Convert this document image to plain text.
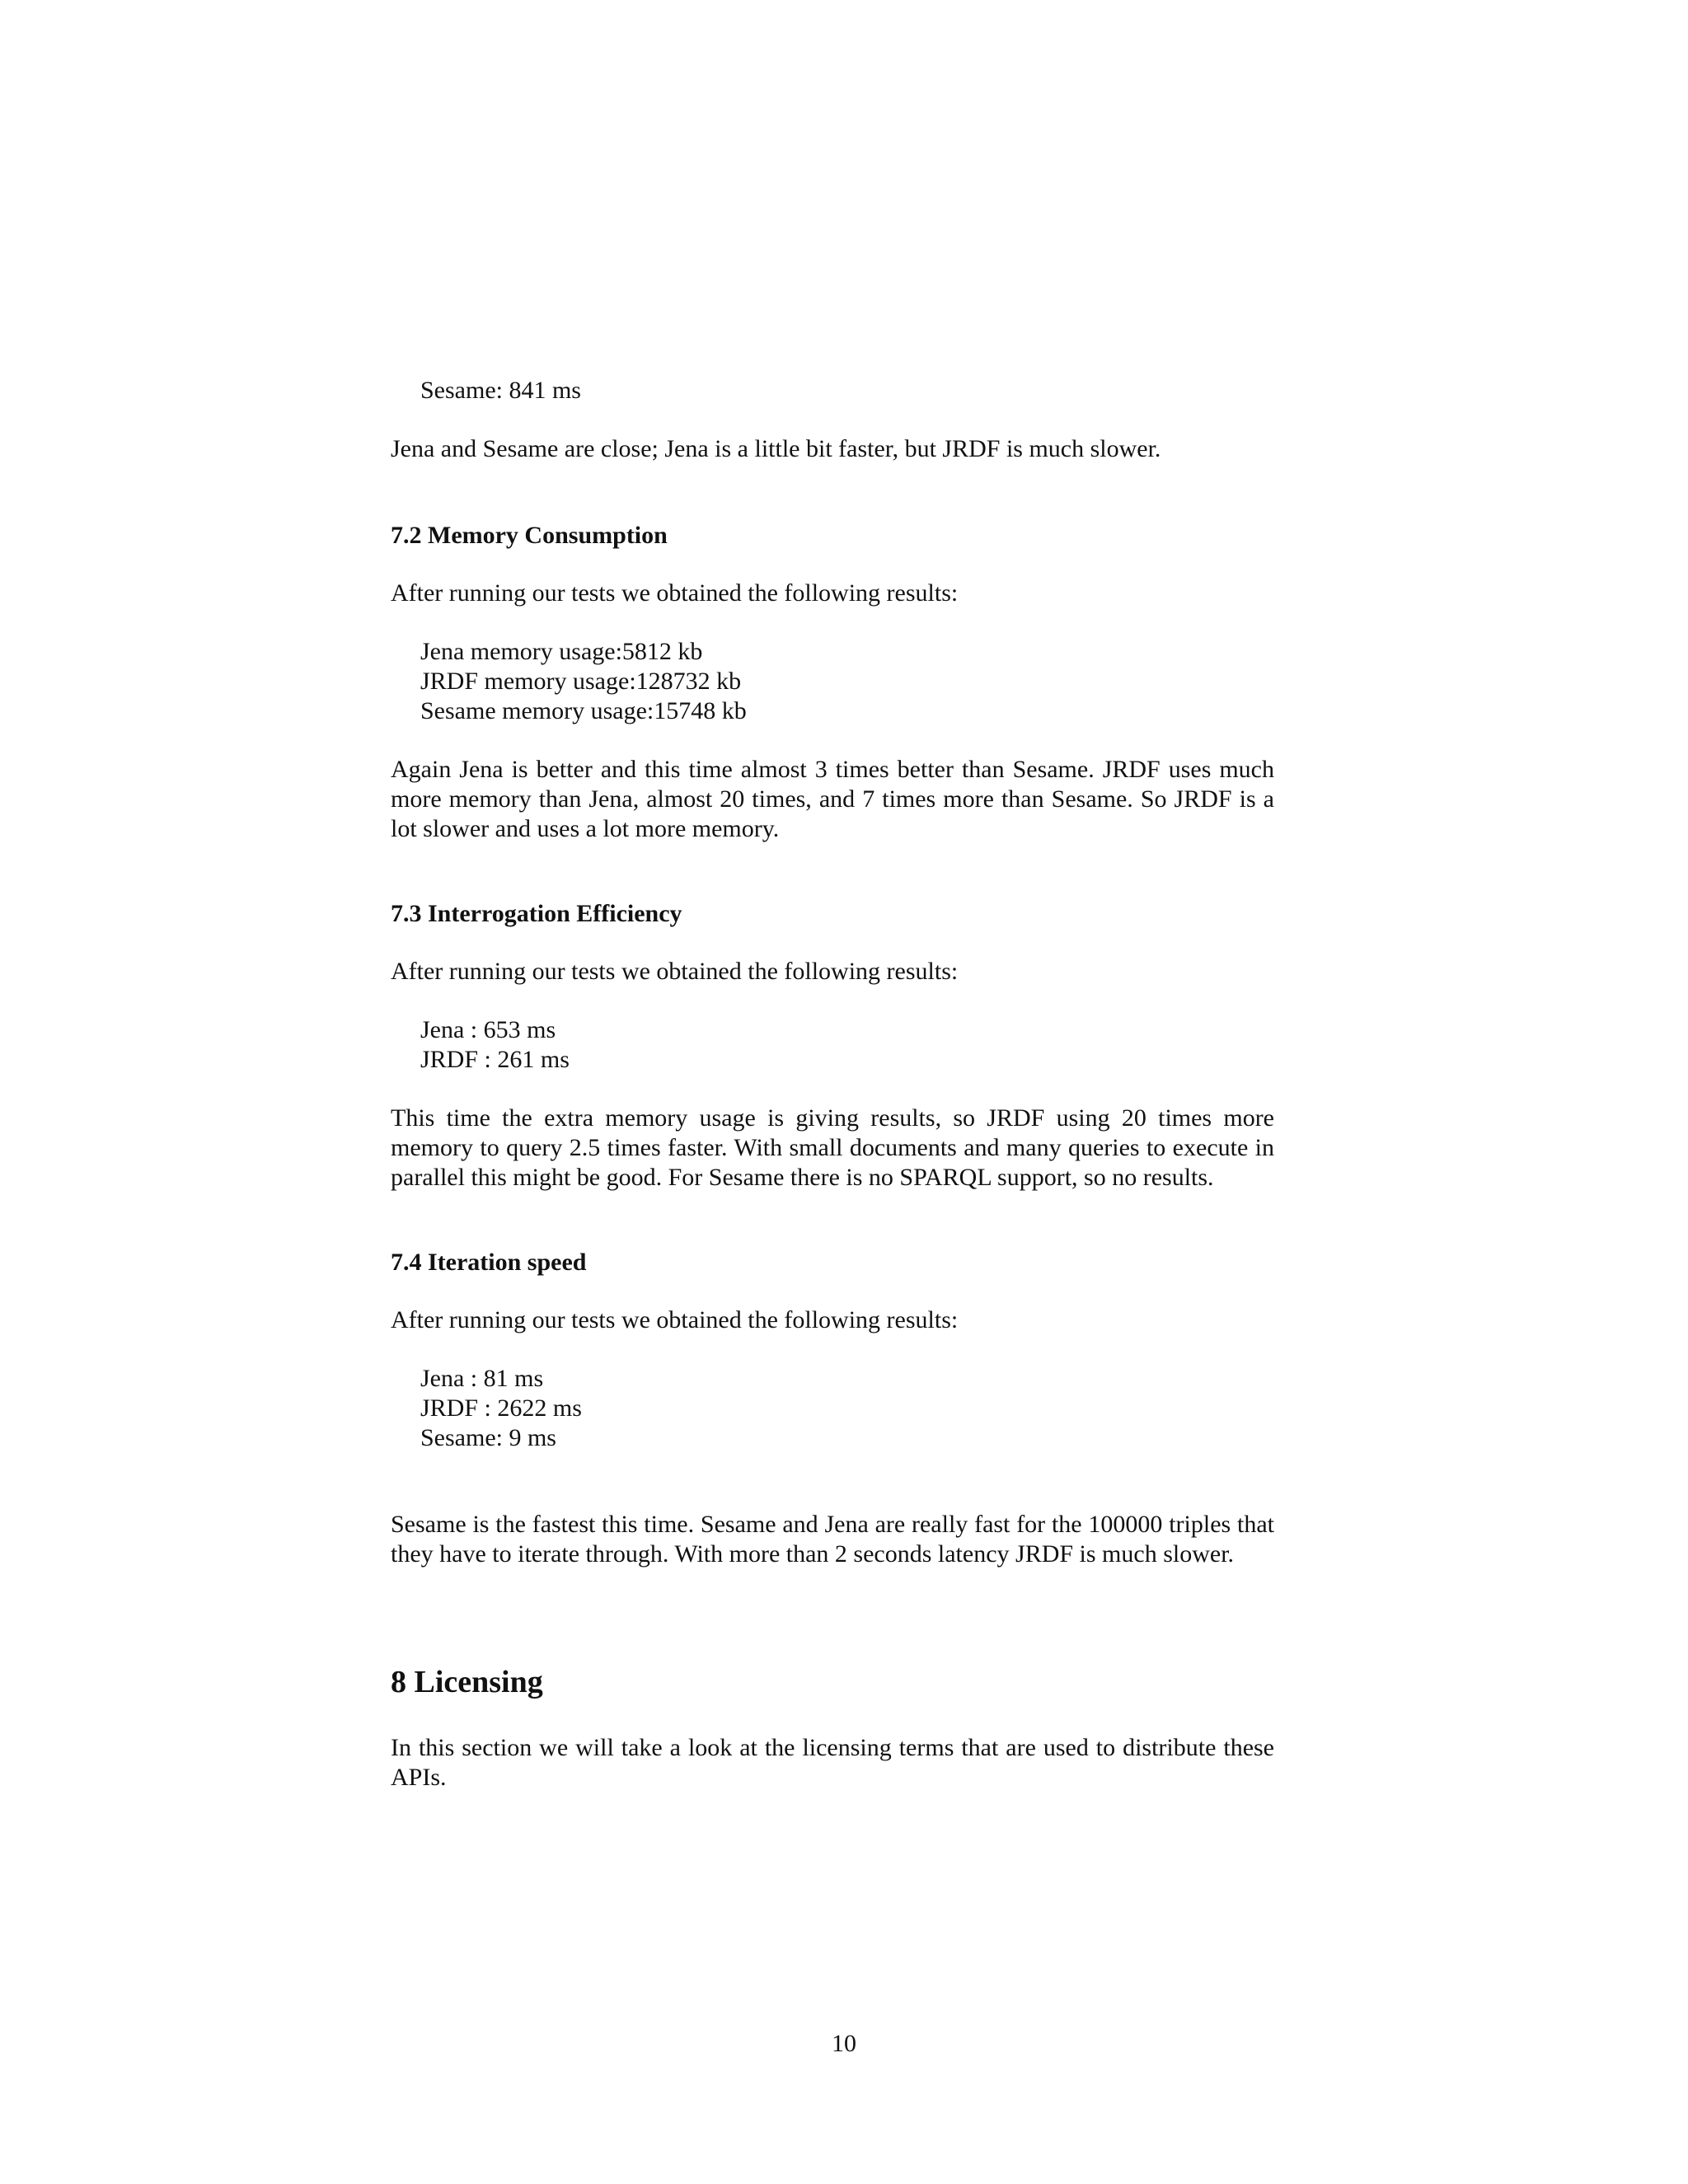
Sesame: 841 ms
Jena and Sesame are close; Jena is a little bit faster, but JRDF is much slower.
7.2 Memory Consumption
After running our tests we obtained the following results:
Jena memory usage:5812 kb
JRDF memory usage:128732 kb
Sesame memory usage:15748 kb
Again Jena is better and this time almost 3 times better than Sesame. JRDF uses much more memory than Jena, almost 20 times, and 7 times more than Sesame. So JRDF is a lot slower and uses a lot more memory.
7.3 Interrogation Efficiency
After running our tests we obtained the following results:
Jena : 653 ms
JRDF : 261 ms
This time the extra memory usage is giving results, so JRDF using 20 times more memory to query 2.5 times faster. With small documents and many queries to execute in parallel this might be good. For Sesame there is no SPARQL support, so no results.
7.4 Iteration speed
After running our tests we obtained the following results:
Jena : 81 ms
JRDF : 2622 ms
Sesame: 9 ms
Sesame is the fastest this time. Sesame and Jena are really fast for the 100000 triples that they have to iterate through. With more than 2 seconds latency JRDF is much slower.
8 Licensing
In this section we will take a look at the licensing terms that are used to distribute these APIs.
10
